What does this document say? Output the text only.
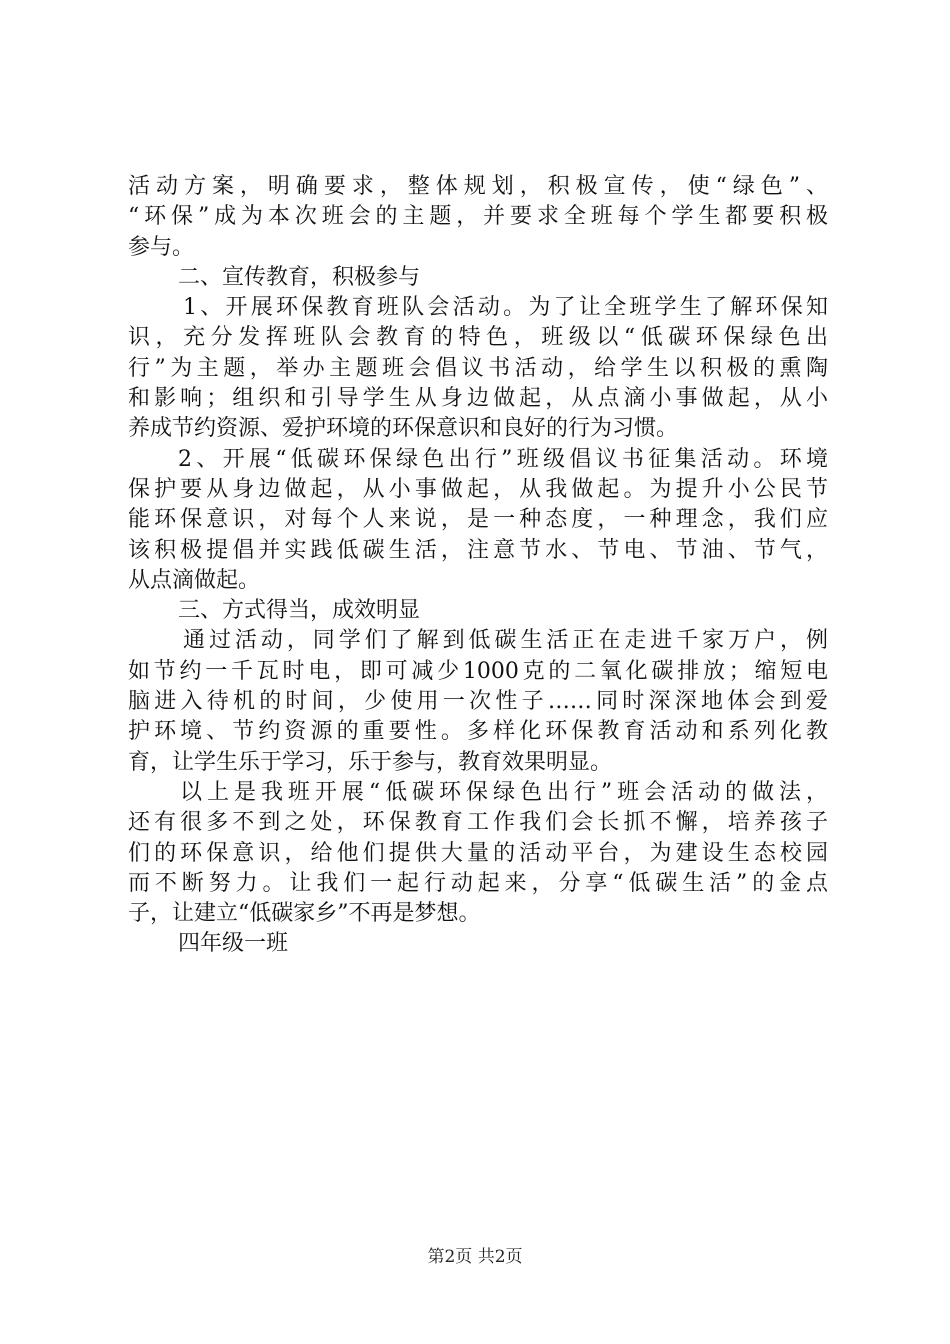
活动方案，明确要求，整体规划，积极宣传，使“绿色”、
“环保”成为本次班会的主题，并要求全班每个学生都要积极
参与。
二、宣传教育，积极参与
1、开展环保教育班队会活动。为了让全班学生了解环保知
识，充分发挥班队会教育的特色，班级以“低碳环保绿色出
行”为主题，举办主题班会倡议书活动，给学生以积极的熏陶
和影响；组织和引导学生从身边做起，从点滴小事做起，从小
养成节约资源、爱护环境的环保意识和良好的行为习惯。
2、开展“低碳环保绿色出行”班级倡议书征集活动。环境
保护要从身边做起，从小事做起，从我做起。为提升小公民节
能环保意识，对每个人来说，是一种态度，一种理念，我们应
该积极提倡并实践低碳生活，注意节水、节电、节油、节气，
从点滴做起。
三、方式得当，成效明显
通过活动，同学们了解到低碳生活正在走进千家万户，例
如节约一千瓦时电，即可减少1000克的二氧化碳排放；缩短电
脑进入待机的时间，少使用一次性子……同时深深地体会到爱
护环境、节约资源的重要性。多样化环保教育活动和系列化教
育，让学生乐于学习，乐于参与，教育效果明显。
以上是我班开展“低碳环保绿色出行”班会活动的做法，
还有很多不到之处，环保教育工作我们会长抓不懈，培养孩子
们的环保意识，给他们提供大量的活动平台，为建设生态校园
而不断努力。让我们一起行动起来，分享“低碳生活”的金点
子，让建立“低碳家乡”不再是梦想。
四年级一班
第2页 共2页
